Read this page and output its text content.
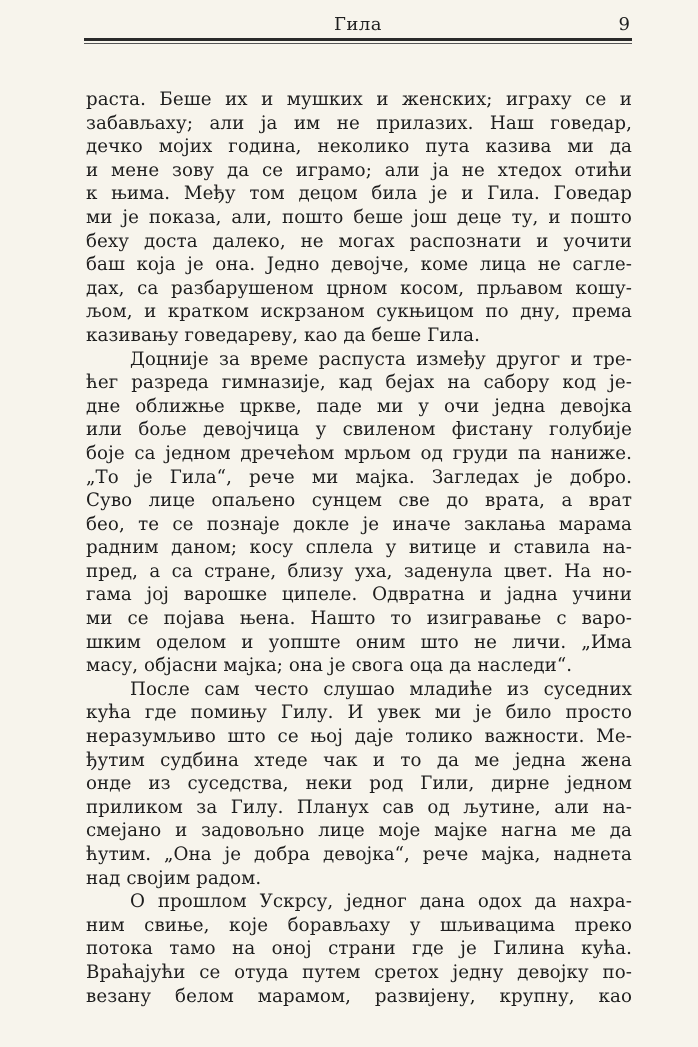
Гила	9
раста. Беше их и мушких и женских; играху се и
забављаху; али ја им не прилазих. Наш говедар,
дечко мојих година, неколико пута казива ми да
и мене зову да се играмо; али ја не хтедох отићи
к њима. Међу том децом била је и Гила. Говедар
ми је показа, али, пошто беше још деце ту, и пошто
беху доста далеко, не могах распознати и уочити
баш која је она. Једно девојче, коме лица не сагле-
дах, са разбарушеном црном косом, прљавом кошу-
љом, и кратком искрзаном сукњицом по дну, према
казивању говедареву, као да беше Гила.
Доцније за време распуста између другог и тре-
ћег разреда гимназије, кад бејах на сабору код је-
дне оближње црквe, паде ми у очи једна девојка
или боље девојчица у свиленом фистану голубије
боје са једном дречећом мрљом од груди па наниже.
„То је Гила“, рече ми мајка. Загледах је добро.
Суво лице опаљено сунцем све до врата, а врат
бео, те се познаје докле је иначе заклања марама
радним даном; косу сплела у витице и ставила на-
пред, а са стране, близу уха, заденула цвет. На но-
гама јој варошке ципеле. Одвратна и јадна учини
ми се појава њена. Нашто то изигравање с варо-
шким оделом и уопште оним што не личи. „Има
масу, објасни мајка; она је свога оца да наследи“.
После сам често слушао младиће из суседних
кућа где помињу Гилу. И увек ми је било просто
неразумљиво што се њој даје толико важности. Ме-
ђутим судбина хтеде чак и то да ме једна жена
онде из суседства, неки род Гили, дирне једном
приликом за Гилу. Планух сав од љутине, али на-
смејано и задовољно лице моје мајке нагна ме да
ћутим. „Она је добра девојка“, рече мајка, наднета
над својим радом.
О прошлом Ускрсу, једног дана одох да нахра-
ним свиње, које борављаху у шљивацима преко
потока тамо на оној страни где је Гилина кућа.
Враћајући се отуда путем сретох једну девојку по-
везану белом марамом, развијену, крупну, као
